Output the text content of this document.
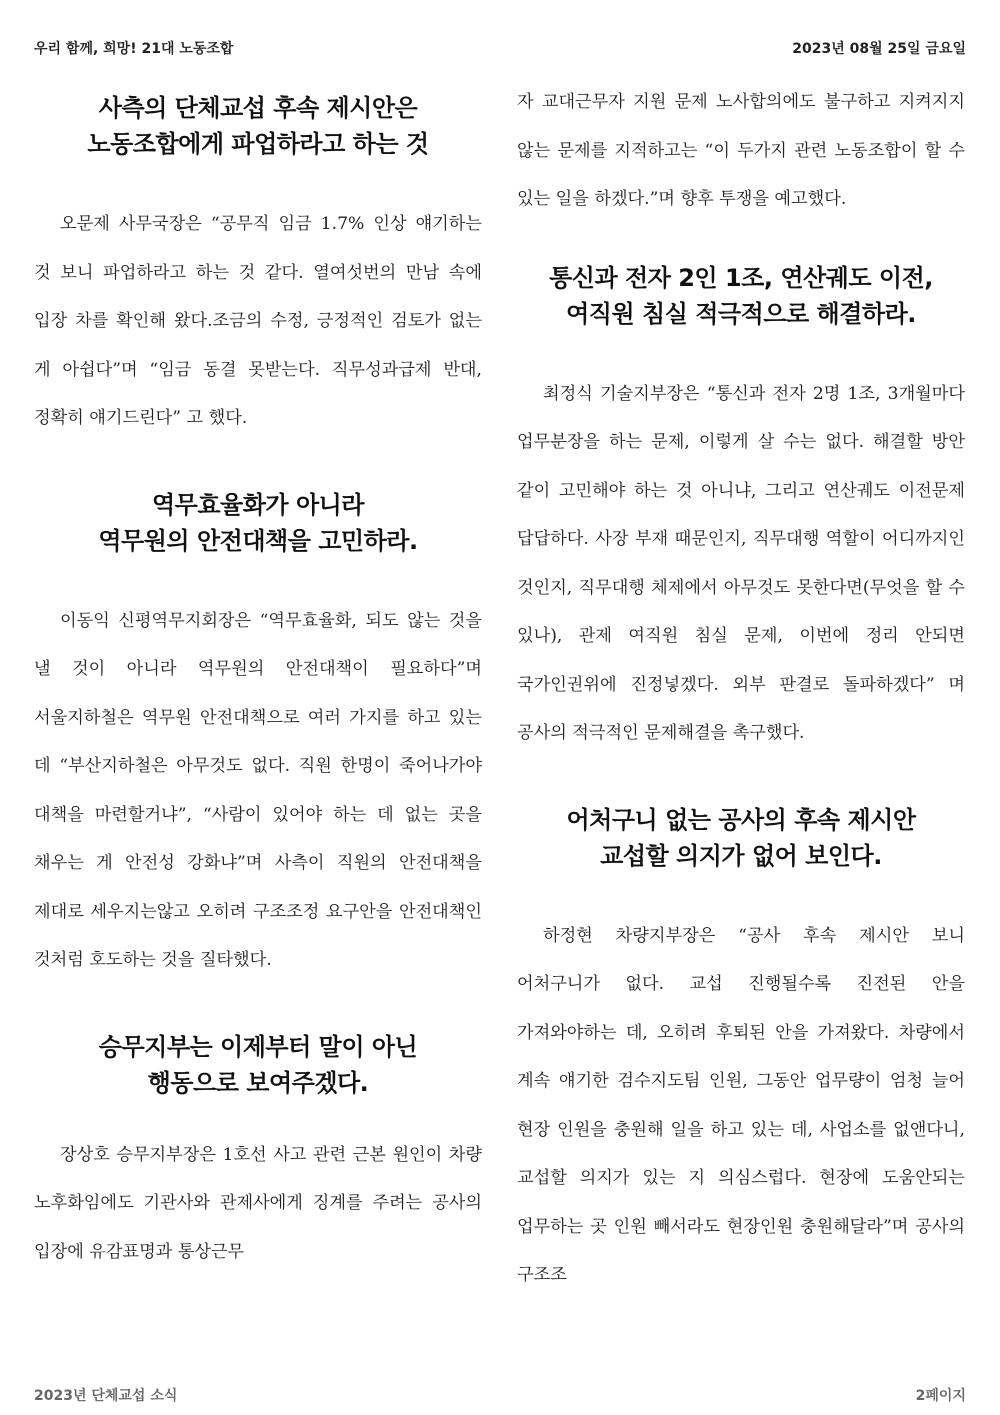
우리 함께, 희망! 21대 노동조합	2023년 08월 25일 금요일
사측의 단체교섭 후속 제시안은
노동조합에게 파업하라고 하는 것

오문제 사무국장은 “공무직 임금 1.7% 인상 얘기하는 것 보니 파업하라고 하는 것 같다. 열여섯번의 만남 속에 입장 차를 확인해 왔다.조금의 수정, 긍정적인 검토가 없는 게 아쉽다”며 “임금 동결 못받는다. 직무성과급제 반대, 정확히 얘기드린다” 고 했다.

역무효율화가 아니라
역무원의 안전대책을 고민하라.

이동익 신평역무지회장은 “역무효율화, 되도 않는 것을 낼 것이 아니라 역무원의 안전대책이 필요하다”며 서울지하철은 역무원 안전대책으로 여러 가지를 하고 있는 데 “부산지하철은 아무것도 없다. 직원 한명이 죽어나가야 대책을 마련할거냐”, “사람이 있어야 하는 데 없는 곳을 채우는 게 안전성 강화냐”며 사측이 직원의 안전대책을 제대로 세우지는않고 오히려 구조조정 요구안을 안전대책인 것처럼 호도하는 것을 질타했다.

승무지부는 이제부터 말이 아닌
행동으로 보여주겠다.

장상호 승무지부장은 1호선 사고 관련 근본 원인이 차량 노후화임에도 기관사와 관제사에게 징계를 주려는 공사의 입장에 유감표명과 통상근무

자 교대근무자 지원 문제 노사합의에도 불구하고 지켜지지 않는 문제를 지적하고는 “이 두가지 관련 노동조합이 할 수 있는 일을 하겠다.”며 향후 투쟁을 예고했다.

통신과 전자 2인 1조, 연산궤도 이전,
여직원 침실 적극적으로 해결하라.

최정식 기술지부장은 “통신과 전자 2명 1조, 3개월마다 업무분장을 하는 문제, 이렇게 살 수는 없다. 해결할 방안 같이 고민해야 하는 것 아니냐, 그리고 연산궤도 이전문제 답답하다. 사장 부재 때문인지, 직무대행 역할이 어디까지인 것인지, 직무대행 체제에서 아무것도 못한다면(무엇을 할 수 있나), 관제 여직원 침실 문제, 이번에 정리 안되면 국가인권위에 진정넣겠다. 외부 판결로 돌파하겠다” 며 공사의 적극적인 문제해결을 촉구했다.

어처구니 없는 공사의 후속 제시안
교섭할 의지가 없어 보인다.

하정현 차량지부장은 “공사 후속 제시안 보니 어처구니가 없다. 교섭 진행될수록 진전된 안을 가져와야하는 데, 오히려 후퇴된 안을 가져왔다. 차량에서 계속 얘기한 검수지도팀 인원, 그동안 업무량이 엄청 늘어 현장 인원을 충원해 일을 하고 있는 데, 사업소를 없앤다니, 교섭할 의지가 있는 지 의심스럽다. 현장에 도움안되는 업무하는 곳 인원 빼서라도 현장인원 충원해달라”며 공사의 구조조

2023년 단체교섭 소식	2페이지
